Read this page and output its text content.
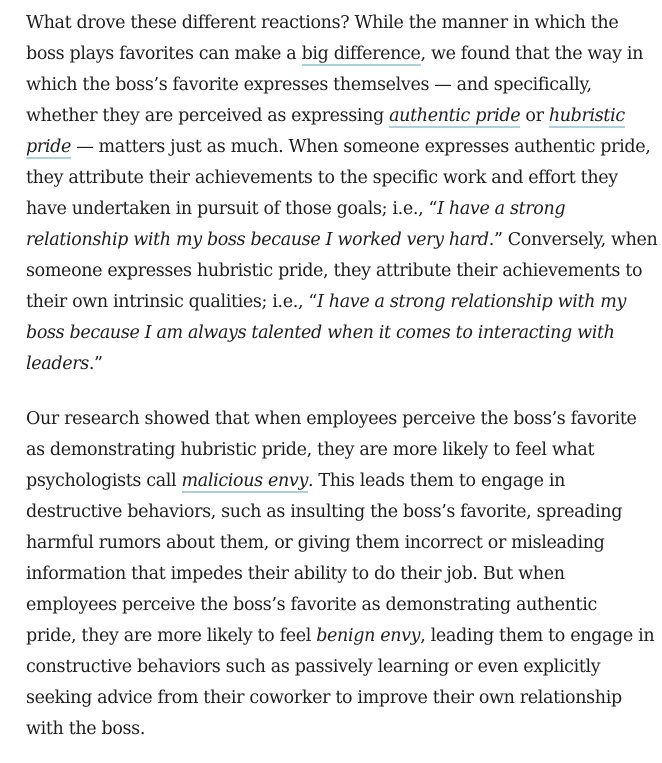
What drove these different reactions? While the manner in which the
boss plays favorites can make a big difference, we found that the way in
which the boss’s favorite expresses themselves — and specifically,
whether they are perceived as expressing authentic pride or hubristic
pride — matters just as much. When someone expresses authentic pride,
they attribute their achievements to the specific work and effort they
have undertaken in pursuit of those goals; i.e., “I have a strong
relationship with my boss because I worked very hard.” Conversely, when
someone expresses hubristic pride, they attribute their achievements to
their own intrinsic qualities; i.e., “I have a strong relationship with my
boss because I am always talented when it comes to interacting with
leaders.”
Our research showed that when employees perceive the boss’s favorite
as demonstrating hubristic pride, they are more likely to feel what
psychologists call malicious envy. This leads them to engage in
destructive behaviors, such as insulting the boss’s favorite, spreading
harmful rumors about them, or giving them incorrect or misleading
information that impedes their ability to do their job. But when
employees perceive the boss’s favorite as demonstrating authentic
pride, they are more likely to feel benign envy, leading them to engage in
constructive behaviors such as passively learning or even explicitly
seeking advice from their coworker to improve their own relationship
with the boss.
